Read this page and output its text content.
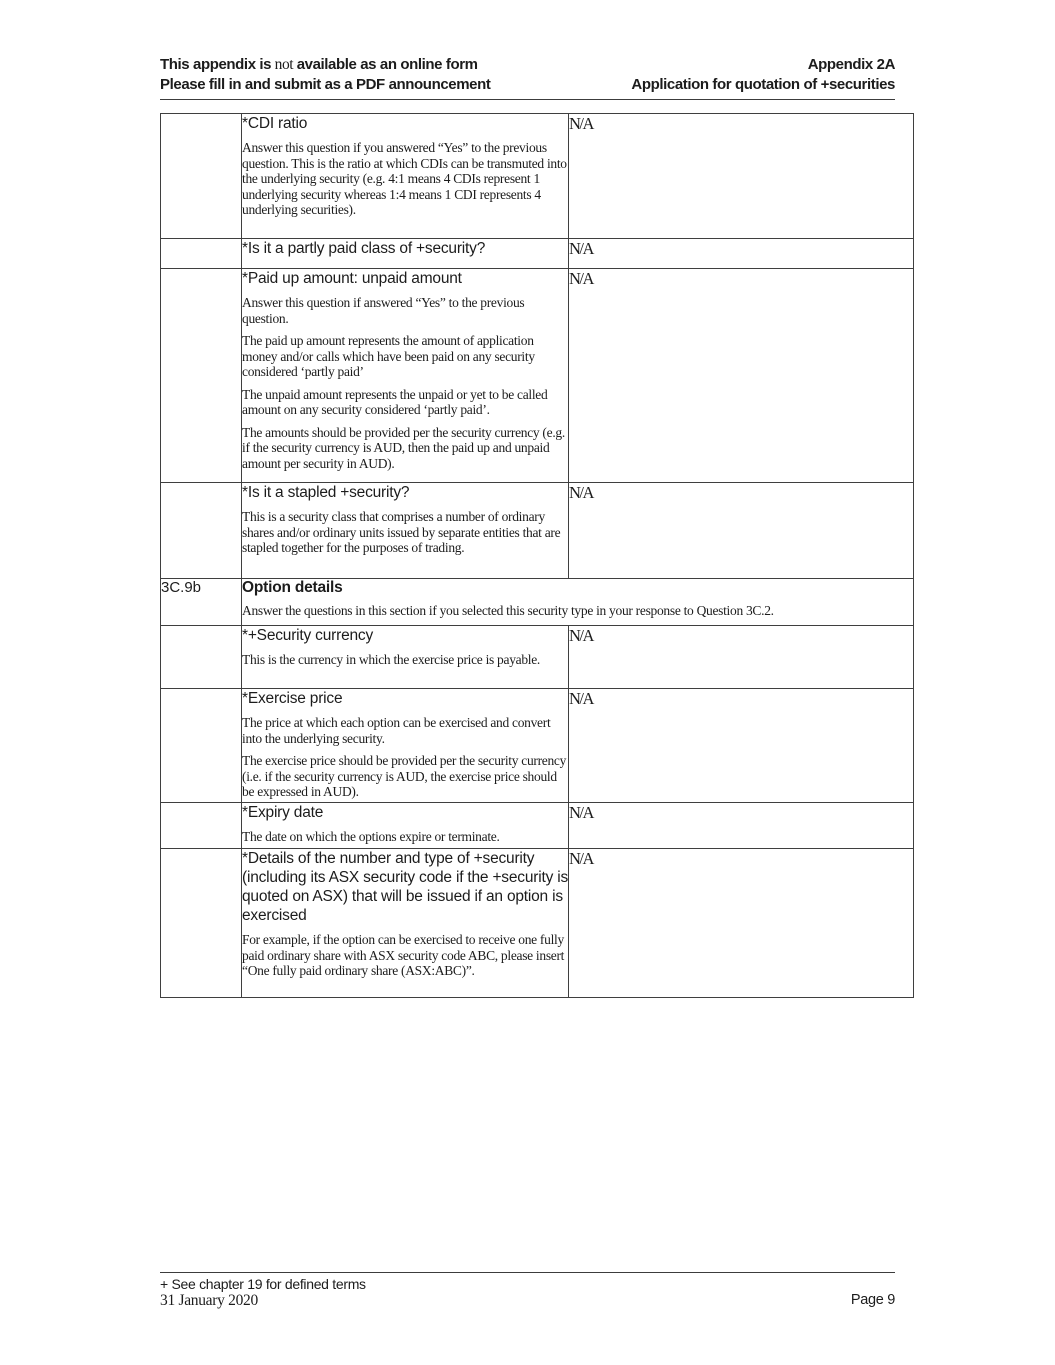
This appendix is not available as an online form
Please fill in and submit as a PDF announcement
Appendix 2A
Application for quotation of +securities

	*CDI ratio

Answer this question if you answered “Yes” to the previous question. This is the ratio at which CDIs can be transmuted into the underlying security (e.g. 4:1 means 4 CDIs represent 1 underlying security whereas 1:4 means 1 CDI represents 4 underlying securities).	N/A

	*Is it a partly paid class of +security?	N/A

	*Paid up amount: unpaid amount

Answer this question if answered “Yes” to the previous question.

The paid up amount represents the amount of application money and/or calls which have been paid on any security considered ‘partly paid’

The unpaid amount represents the unpaid or yet to be called amount on any security considered ‘partly paid’.

The amounts should be provided per the security currency (e.g. if the security currency is AUD, then the paid up and unpaid amount per security in AUD).	N/A

	*Is it a stapled +security?

This is a security class that comprises a number of ordinary shares and/or ordinary units issued by separate entities that are stapled together for the purposes of trading.	N/A
3C.9b	Option details
Answer the questions in this section if you selected this security type in your response to Question 3C.2.	

	*+Security currency

This is the currency in which the exercise price is payable.	N/A

	*Exercise price

The price at which each option can be exercised and convert into the underlying security.

The exercise price should be provided per the security currency (i.e. if the security currency is AUD, the exercise price should be expressed in AUD).	N/A

	*Expiry date

The date on which the options expire or terminate.	N/A

	*Details of the number and type of +security (including its ASX security code if the +security is quoted on ASX) that will be issued if an option is exercised

For example, if the option can be exercised to receive one fully paid ordinary share with ASX security code ABC, please insert “One fully paid ordinary share (ASX:ABC)”.	N/A
+ See chapter 19 for defined terms
31 January 2020	Page 9
